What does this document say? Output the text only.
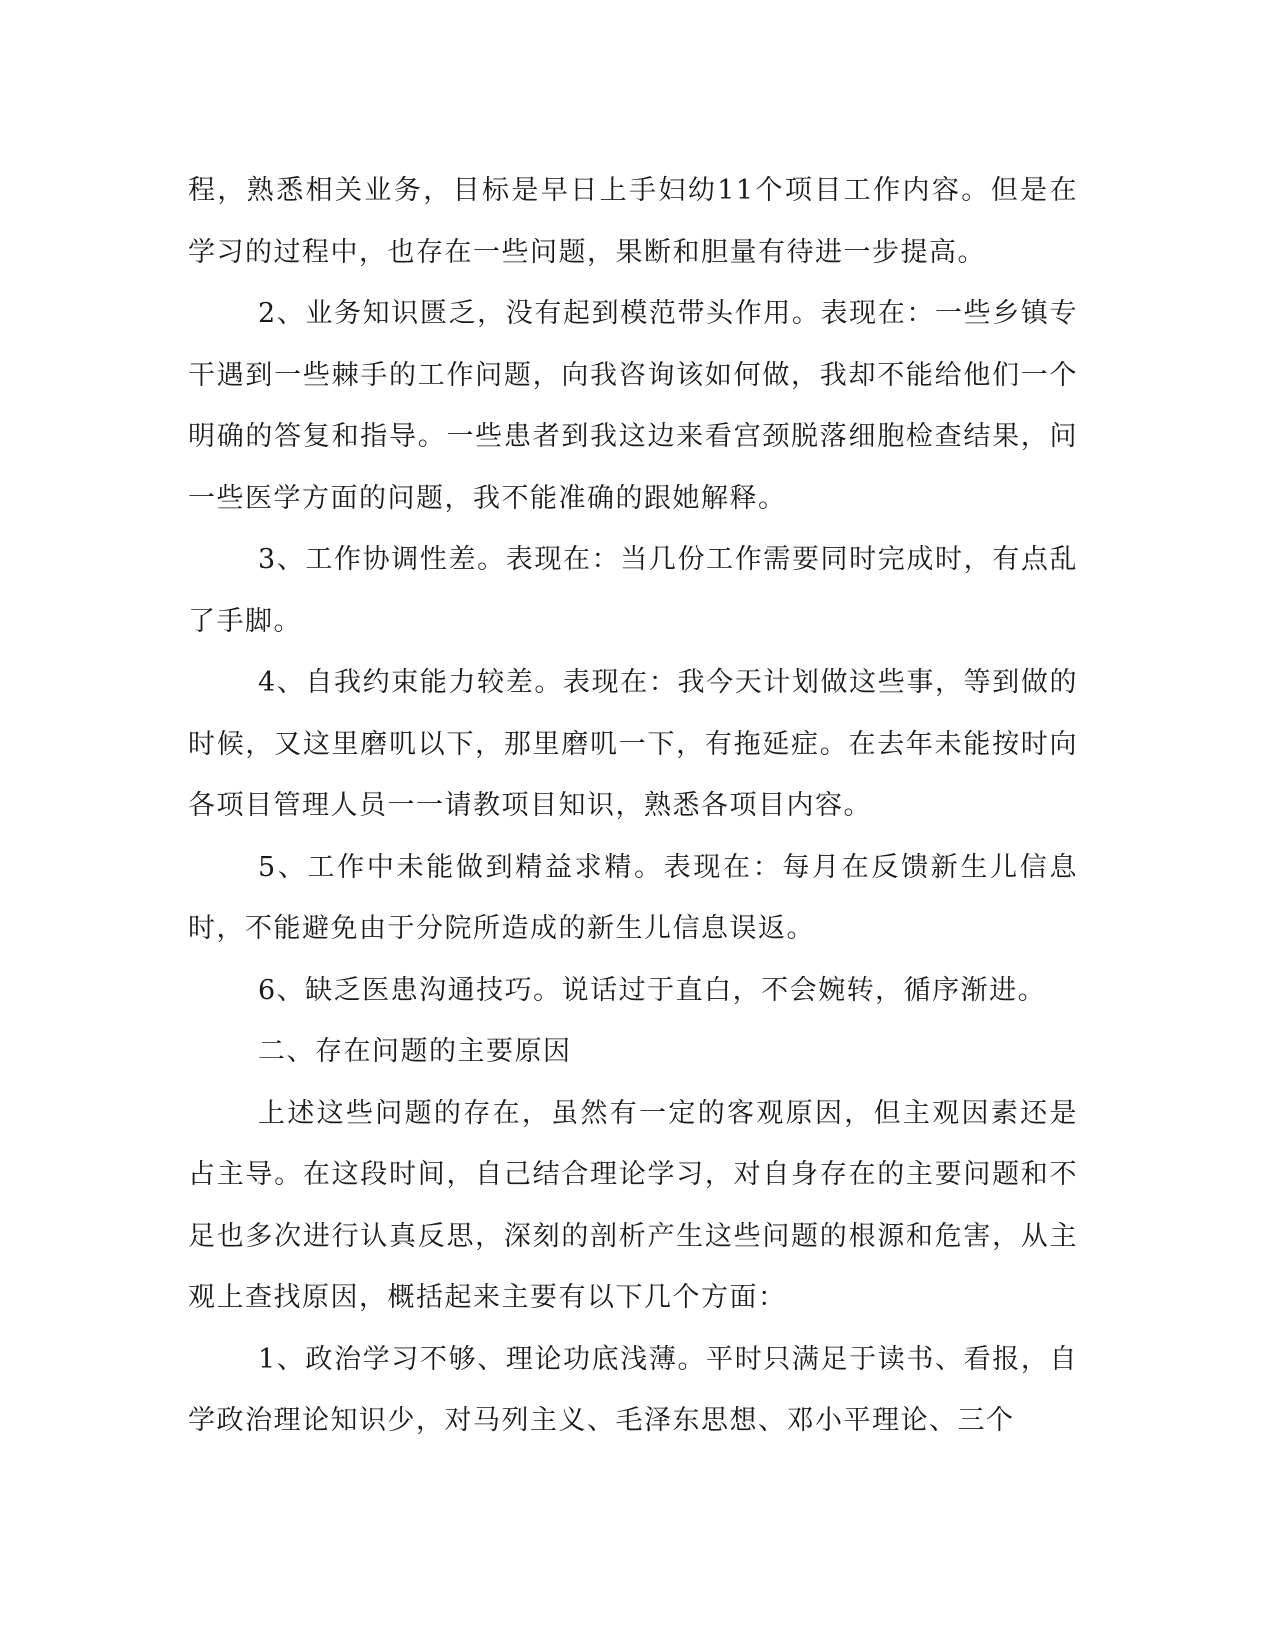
程，熟悉相关业务，目标是早日上手妇幼11个项目工作内容。但是在学习的过程中，也存在一些问题，果断和胆量有待进一步提高。

2、业务知识匮乏，没有起到模范带头作用。表现在：一些乡镇专干遇到一些棘手的工作问题，向我咨询该如何做，我却不能给他们一个明确的答复和指导。一些患者到我这边来看宫颈脱落细胞检查结果，问一些医学方面的问题，我不能准确的跟她解释。

3、工作协调性差。表现在：当几份工作需要同时完成时，有点乱了手脚。

4、自我约束能力较差。表现在：我今天计划做这些事，等到做的时候，又这里磨叽以下，那里磨叽一下，有拖延症。在去年未能按时向各项目管理人员一一请教项目知识，熟悉各项目内容。

5、工作中未能做到精益求精。表现在：每月在反馈新生儿信息时，不能避免由于分院所造成的新生儿信息误返。

6、缺乏医患沟通技巧。说话过于直白，不会婉转，循序渐进。

二、存在问题的主要原因

上述这些问题的存在，虽然有一定的客观原因，但主观因素还是占主导。在这段时间，自己结合理论学习，对自身存在的主要问题和不足也多次进行认真反思，深刻的剖析产生这些问题的根源和危害，从主观上查找原因，概括起来主要有以下几个方面：

1、政治学习不够、理论功底浅薄。平时只满足于读书、看报，自学政治理论知识少，对马列主义、毛泽东思想、邓小平理论、三个
